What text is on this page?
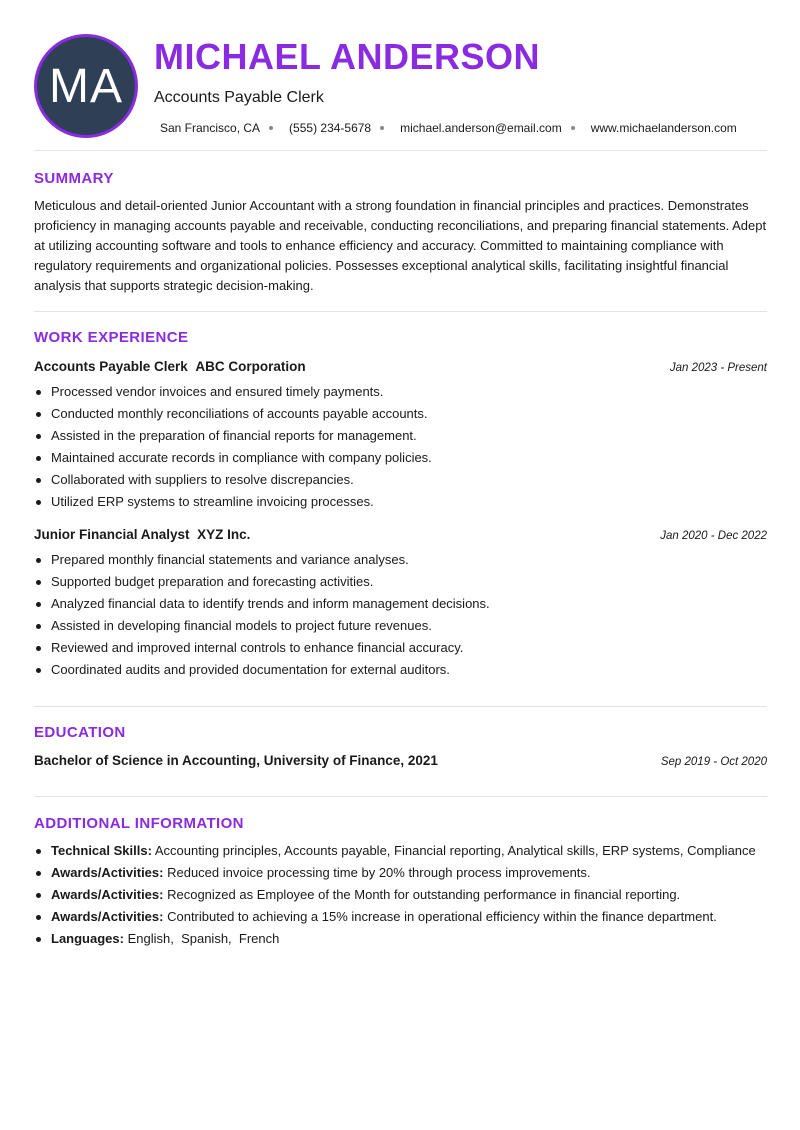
MA
MICHAEL ANDERSON
Accounts Payable Clerk
San Francisco, CA (555) 234-5678 michael.anderson@email.com www.michaelanderson.com
SUMMARY
Meticulous and detail-oriented Junior Accountant with a strong foundation in financial principles and practices. Demonstrates proficiency in managing accounts payable and receivable, conducting reconciliations, and preparing financial statements. Adept at utilizing accounting software and tools to enhance efficiency and accuracy. Committed to maintaining compliance with regulatory requirements and organizational policies. Possesses exceptional analytical skills, facilitating insightful financial analysis that supports strategic decision-making.
WORK EXPERIENCE
Accounts Payable Clerk ABC Corporation	Jan 2023 - Present
Processed vendor invoices and ensured timely payments.
Conducted monthly reconciliations of accounts payable accounts.
Assisted in the preparation of financial reports for management.
Maintained accurate records in compliance with company policies.
Collaborated with suppliers to resolve discrepancies.
Utilized ERP systems to streamline invoicing processes.
Junior Financial Analyst XYZ Inc.	Jan 2020 - Dec 2022
Prepared monthly financial statements and variance analyses.
Supported budget preparation and forecasting activities.
Analyzed financial data to identify trends and inform management decisions.
Assisted in developing financial models to project future revenues.
Reviewed and improved internal controls to enhance financial accuracy.
Coordinated audits and provided documentation for external auditors.
EDUCATION
Bachelor of Science in Accounting, University of Finance, 2021	Sep 2019 - Oct 2020
ADDITIONAL INFORMATION
Technical Skills: Accounting principles, Accounts payable, Financial reporting, Analytical skills, ERP systems, Compliance
Awards/Activities: Reduced invoice processing time by 20% through process improvements.
Awards/Activities: Recognized as Employee of the Month for outstanding performance in financial reporting.
Awards/Activities: Contributed to achieving a 15% increase in operational efficiency within the finance department.
Languages: English,  Spanish,  French
